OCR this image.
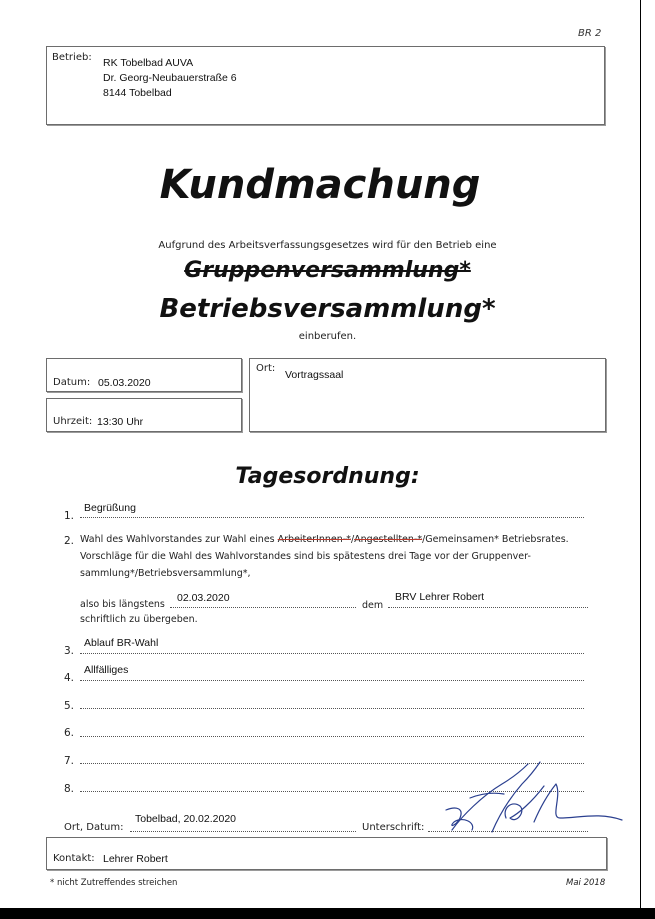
BR 2
Betrieb: RK Tobelbad AUVA
Dr. Georg-Neubauerstraße 6
8144 Tobelbad
Kundmachung
Aufgrund des Arbeitsverfassungsgesetzes wird für den Betrieb eine
Gruppenversammlung*
Betriebsversammlung*
einberufen.
Datum: 05.03.2020
Uhrzeit: 13:30 Uhr
Ort:
Vortragssaal
Tagesordnung:
1.
Begrüßung
2. Wahl des Wahlvorstandes zur Wahl eines ArbeiterInnen-*/Angestellten-*/Gemeinsamen* Betriebsrates.
Vorschläge für die Wahl des Wahlvorstandes sind bis spätestens drei Tage vor der Gruppenver-
sammlung*/Betriebsversammlung*,
also bis längstens
02.03.2020
dem
BRV Lehrer Robert
schriftlich zu übergeben.
3.
Ablauf BR-Wahl
4.
Allfälliges
5.
6.
7.
8.
Ort, Datum:
Tobelbad, 20.02.2020
Unterschrift:
Kontakt: Lehrer Robert
* nicht Zutreffendes streichen	Mai 2018
